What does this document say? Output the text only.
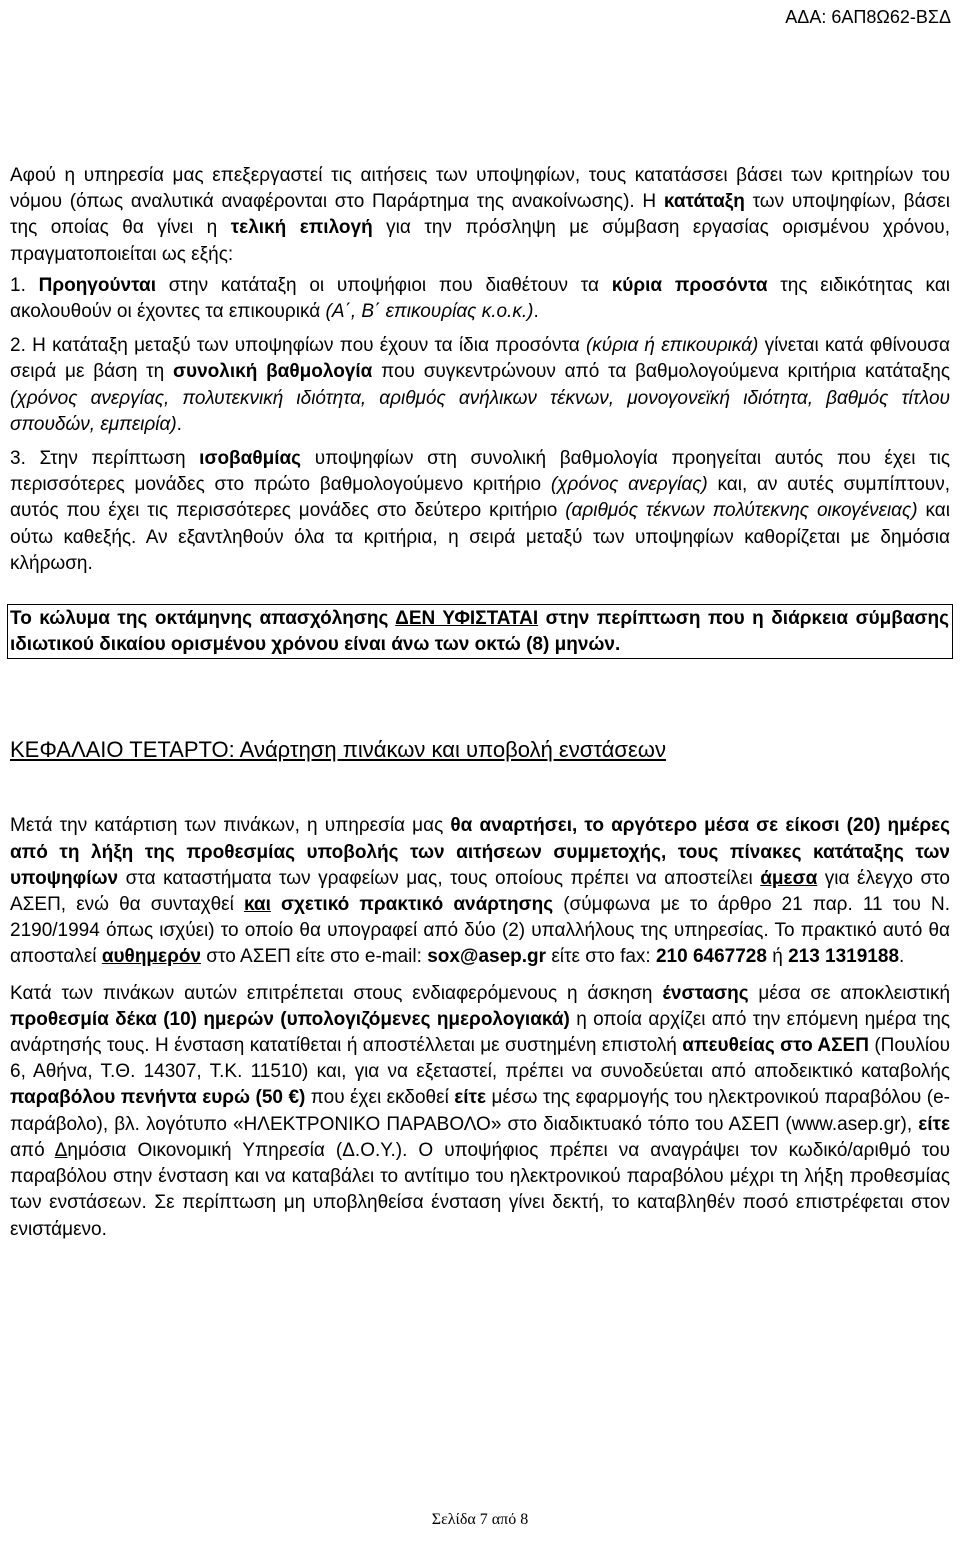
ΑΔΑ: 6ΑΠ8Ω62-ΒΣΔ

Αφού η υπηρεσία μας επεξεργαστεί τις αιτήσεις των υποψηφίων, τους κατατάσσει βάσει των κριτηρίων του νόμου (όπως αναλυτικά αναφέρονται στο Παράρτημα της ανακοίνωσης). Η κατάταξη των υποψηφίων, βάσει της οποίας θα γίνει η τελική επιλογή για την πρόσληψη με σύμβαση εργασίας ορισμένου χρόνου, πραγματοποιείται ως εξής:

1. Προηγούνται στην κατάταξη οι υποψήφιοι που διαθέτουν τα κύρια προσόντα της ειδικότητας και ακολουθούν οι έχοντες τα επικουρικά (Α΄, Β΄ επικουρίας κ.ο.κ.).

2. Η κατάταξη μεταξύ των υποψηφίων που έχουν τα ίδια προσόντα (κύρια ή επικουρικά) γίνεται κατά φθίνουσα σειρά με βάση τη συνολική βαθμολογία που συγκεντρώνουν από τα βαθμολογούμενα κριτήρια κατάταξης (χρόνος ανεργίας, πολυτεκνική ιδιότητα, αριθμός ανήλικων τέκνων, μονογονεϊκή ιδιότητα, βαθμός τίτλου σπουδών, εμπειρία).

3. Στην περίπτωση ισοβαθμίας υποψηφίων στη συνολική βαθμολογία προηγείται αυτός που έχει τις περισσότερες μονάδες στο πρώτο βαθμολογούμενο κριτήριο (χρόνος ανεργίας) και, αν αυτές συμπίπτουν, αυτός που έχει τις περισσότερες μονάδες στο δεύτερο κριτήριο (αριθμός τέκνων πολύτεκνης οικογένειας) και ούτω καθεξής. Αν εξαντληθούν όλα τα κριτήρια, η σειρά μεταξύ των υποψηφίων καθορίζεται με δημόσια κλήρωση.

Το κώλυμα της οκτάμηνης απασχόλησης ΔΕΝ ΥΦΙΣΤΑΤΑΙ στην περίπτωση που η διάρκεια σύμβασης ιδιωτικού δικαίου ορισμένου χρόνου είναι άνω των οκτώ (8) μηνών.

ΚΕΦΑΛΑΙΟ ΤΕΤΑΡΤΟ: Ανάρτηση πινάκων και υποβολή ενστάσεων

Μετά την κατάρτιση των πινάκων, η υπηρεσία μας θα αναρτήσει, το αργότερο μέσα σε είκοσι (20) ημέρες από τη λήξη της προθεσμίας υποβολής των αιτήσεων συμμετοχής, τους πίνακες κατάταξης των υποψηφίων στα καταστήματα των γραφείων μας, τους οποίους πρέπει να αποστείλει άμεσα για έλεγχο στο ΑΣΕΠ, ενώ θα συνταχθεί και σχετικό πρακτικό ανάρτησης (σύμφωνα με το άρθρο 21 παρ. 11 του Ν. 2190/1994 όπως ισχύει) το οποίο θα υπογραφεί από δύο (2) υπαλλήλους της υπηρεσίας. Το πρακτικό αυτό θα αποσταλεί αυθημερόν στο ΑΣΕΠ είτε στο e-mail: sox@asep.gr είτε στο fax: 210 6467728 ή 213 1319188.

Κατά των πινάκων αυτών επιτρέπεται στους ενδιαφερόμενους η άσκηση ένστασης μέσα σε αποκλειστική προθεσμία δέκα (10) ημερών (υπολογιζόμενες ημερολογιακά) η οποία αρχίζει από την επόμενη ημέρα της ανάρτησής τους. Η ένσταση κατατίθεται ή αποστέλλεται με συστημένη επιστολή απευθείας στο ΑΣΕΠ (Πουλίου 6, Αθήνα, Τ.Θ. 14307, Τ.Κ. 11510) και, για να εξεταστεί, πρέπει να συνοδεύεται από αποδεικτικό καταβολής παραβόλου πενήντα ευρώ (50 €) που έχει εκδοθεί είτε μέσω της εφαρμογής του ηλεκτρονικού παραβόλου (e-παράβολο), βλ. λογότυπο «ΗΛΕΚΤΡΟΝΙΚΟ ΠΑΡΑΒΟΛΟ» στο διαδικτυακό τόπο του ΑΣΕΠ (www.asep.gr), είτε από Δημόσια Οικονομική Υπηρεσία (Δ.Ο.Υ.). Ο υποψήφιος πρέπει να αναγράψει τον κωδικό/αριθμό του παραβόλου στην ένσταση και να καταβάλει το αντίτιμο του ηλεκτρονικού παραβόλου μέχρι τη λήξη προθεσμίας των ενστάσεων. Σε περίπτωση μη υποβληθείσα ένσταση γίνει δεκτή, το καταβληθέν ποσό επιστρέφεται στον ενιστάμενο.

Σελίδα 7 από 8
